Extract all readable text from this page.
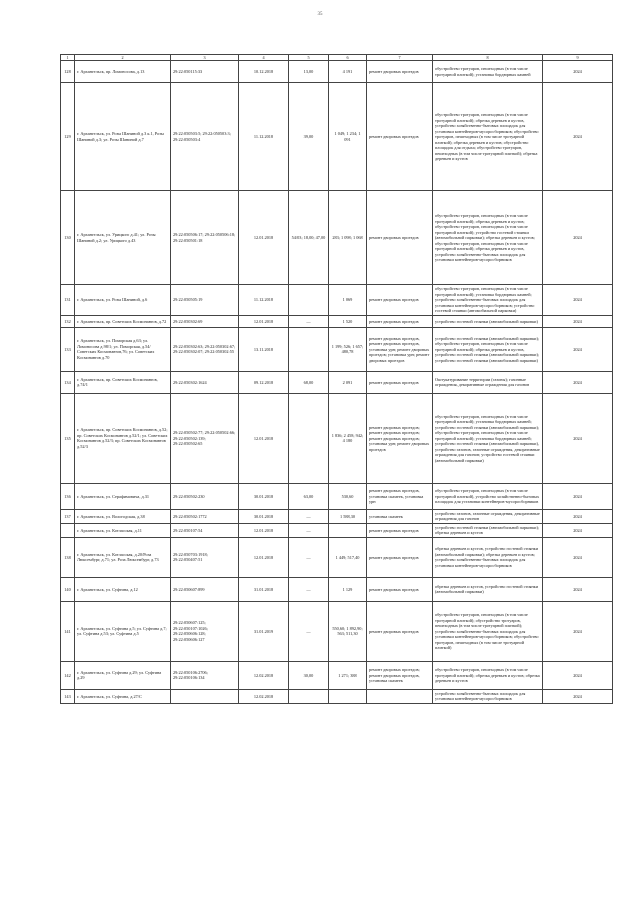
35
1	2	3	4	5	6	7	8	9
128	г. Архангельск, пр. Ломоносова, д.13	29:22:050115:33	10.12.2018	13,00	4 191	ремонт дворовых проездов	обустройство тротуаров, пешеходных (в том числе тротуарной плиткой); установка бордюрных камней	2024
129	г. Архангельск, ул. Розы Шаниной д.3 к.1, Розы Шаниной д.3; ул. Розы Шаниной д.7	29:22:050503:5; 29:22:050503:3; 29:22:050503:4	11.12.2018	39,00	1 049; 1 234; 1 091	ремонт дворовых проездов	обустройство тротуаров, пешеходных (в том числе тротуарной плиткой); обрезка деревьев и кустов, устройство хозяйственно-бытовых площадок для установки контейнеров-мусоросборников; обустройство тротуаров, пешеходных (в том числе тротуарной плиткой); обрезка деревьев и кустов; обустройство площадок для отдыха; обустройство тротуаров, пешеходных (в том числе тротуарной плиткой); обрезка деревьев и кустов	2024
130	г. Архангельск, ул. Урицкого д.41; ул. Розы Шаниной д.2; ул. Урицкого д.43	29:22:050506:17; 29:22:050506:18; 29:22:050501:18	12.01.2018	54/03; 18,00; 47,00	283; 1 098; 1 068	ремонт дворовых проездов	обустройство тротуаров, пешеходных (в том числе тротуарной плиткой); обрезка деревьев и кустов; обустройство тротуаров, пешеходных (в том числе тротуарной плиткой); устройство гостевой стоянки (автомобильной парковки); обрезка деревьев и кустов; обустройство тротуаров, пешеходных (в том числе тротуарной плиткой); обрезка деревьев и кустов, устройство хозяйственно-бытовых площадок для установки контейнеров-мусоросборников	2024
131	г. Архангельск, ул. Розы Шаниной, д.6	29:22:050505:19	11.12.2018		1 069	ремонт дворовых проездов	обустройство тротуаров, пешеходных (в том числе тротуарной плиткой); установка бордюрных камней; устройство хозяйственно-бытовых площадок для установки контейнеров-мусоросборников; устройство гостевой стоянки (автомобильной парковки)	2024
132	г. Архангельск, пр. Советских Космонавтов, д.72	29:22:050302:69	12.01.2018	—	1 520	ремонт дворовых проездов	устройство гостевой стоянки (автомобильной парковки)	2024
133	г. Архангельск, ул. Поморская д.63; ул. Ломоносова д.98/1; ул. Поморская, д.54/Советских Космонавтов,76; ул. Советских Космонавтов д.70	29:22:050302:63; 29:22:050302:67; 29:22:050302:07; 29:22:050302:55	13.11.2018		1 199; 526; 1 657; 480,78	ремонт дворовых проездов, ремонт дворовых проездов, установка урн; ремонт дворовых проездов; установка урн; ремонт дворовых проездов	устройство гостевой стоянки (автомобильной парковки); обустройство тротуаров, пешеходных (в том числе тротуарной плиткой); обрезка деревьев и кустов, устройство гостевой стоянки (автомобильной парковки); устройство гостевой стоянки (автомобильной парковки)	2024
134	г. Архангельск, пр. Советских Космонавтов, д.74/1	29:22:050302:1624	09.12.2018	68,00	2 091	ремонт дворовых проездов	Оштукатуривание территории (газоны); газонные ограждения, декоративные ограждения для газонов	2024
135	г. Архангельск, пр. Советских Космонавтов, д.52; пр. Советских Космонавтов д.52/1; ул. Советских Космонавтов д.52/3; пр. Советских Космонавтов д.52/3	29:22:050502:77; 29:22:050502:66; 29:22:050502:139; 29:22:050502:65	12.01.2018		1 836; 2 458; 942; 4 180	ремонт дворовых проездов; ремонт дворовых проездов; ремонт дворовых проездов; установка урн; ремонт дворовых проездов	обустройство тротуаров, пешеходных (в том числе тротуарной плиткой); установка бордюрных камней; устройство гостевой стоянки (автомобильной парковки); обустройство тротуаров, пешеходных (в том числе тротуарной плиткой); установка бордюрных камней; устройство гостевой стоянки (автомобильной парковки), устройство газонов, газонные ограждения, декоративные ограждения для газонов; устройство гостевой стоянки (автомобильной парковки)	2024
136	г. Архангельск, ул. Серафимовича, д.31	29:22:050502:230	30.01.2018	63,00	530,60	ремонт дворовых проездов, установка скамеек, установка урн	обустройство тротуаров, пешеходных (в том числе тротуарной плиткой), устройство хозяйственно-бытовых площадок для установки контейнеров-мусоросборников	2024
137	г. Архангельск, ул. Вологодская, д.38	29:22:050502:1772	30.01.2018	—	1 588,30	установка скамеек	устройство газонов, газонные ограждения, декоративные ограждения для газонов	2024
	г. Архангельск, ул. Котласская, д.11	29:22:050107:54	12.01.2018	—		ремонт дворовых проездов	устройство гостевой стоянки (автомобильной парковки); обрезка деревьев и кустов	2024
138	г. Архангельск, ул. Котласская, д.20/Роза Люксембург, д.71; ул. Роза Люксембург, д.73	29:22:050703:1918; 29:22:050407:51	12.01.2018	—	1 449; 517,40	ремонт дворовых проездов	обрезка деревьев и кустов, устройство гостевой стоянки (автомобильной парковки); обрезка деревьев и кустов; устройство хозяйственно-бытовых площадок для установки контейнеров-мусоросборников	2024
140	г. Архангельск, ул. Суфтина, д.12	29:22:050607:899	31.01.2018	—	1 129	ремонт дворовых проездов	обрезка деревьев и кустов, устройство гостевой стоянки (автомобильной парковки)	2024
141	г. Архангельск, ул. Суфтина д.5; ул. Суфтина д.7; ул. Суфтина д.53; ул. Суфтина д.5	29:22:050607:125; 29:22:050107:1026; 29:22:050606:128; 29:22:050606:127	31.01.2019	—	550,60; 1 892,90; 563; 511,30	ремонт дворовых проездов	обустройство тротуаров, пешеходных (в том числе тротуарной плиткой); обустройство тротуаров, пешеходных (в том числе тротуарной плиткой); устройство хозяйственно-бытовых площадок для установки контейнеров-мусоросборников; обустройство тротуаров, пешеходных (в том числе тротуарной плиткой)	2024
142	г. Архангельск, ул. Суфтина д.29; ул. Суфтина д.29	29:22:050106:2706; 29:22:050106:134	12.02.2018	30,00	1 271; 388	ремонт дворовых проездов; ремонт дворовых проездов, установка скамеек	обустройство тротуаров, пешеходных (в том числе тротуарной плиткой); обрезка деревьев и кустов; обрезка деревьев и кустов	2024
143	г. Архангельск, ул. Суфтина, д.27/С		12.02.2018				устройство хозяйственно-бытовых площадок для установки контейнеров-мусоросборников	2024
